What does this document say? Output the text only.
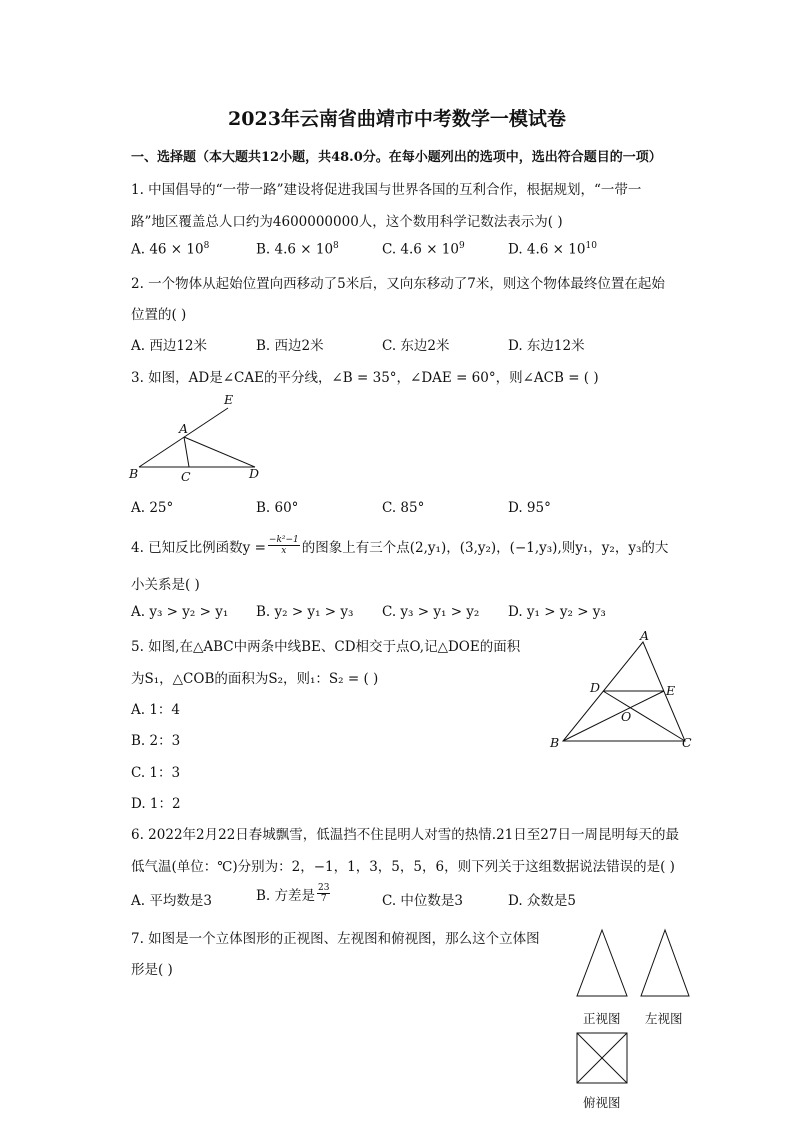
2023年云南省曲靖市中考数学一模试卷
一、选择题（本大题共12小题，共48.0分。在每小题列出的选项中，选出符合题目的一项）
1. 中国倡导的“一带一路”建设将促进我国与世界各国的互利合作，根据规划，“一带一
路”地区覆盖总人口约为4600000000人，这个数用科学记数法表示为( )
A. $46 \times 10^8$	B. $4.6 \times 10^8$	C. $4.6 \times 10^9$	D. $4.6 \times 10^{10}$
2. 一个物体从起始位置向西移动了5米后，又向东移动了7米，则这个物体最终位置在起始
位置的( )
A. 西边12米	B. 西边2米	C. 东边2米	D. 东边12米
3. 如图，AD是∠CAE的平分线，∠B = 35°，∠DAE = 60°，则∠ACB = ( )
E
A
B	C	D
A. 25°	B. 60°	C. 85°	D. 95°
4. 已知反比例函数$y = \frac{\text{−k²−1}}{x}$ 的图象上有三个点(2,y₁)，(3,y₂)，(−1,y₃),则y₁，y₂，y₃的大
小关系是( )
A. y₃ > y₂ > y₁ B. y₂ > y₁ > y₃ C. y₃ > y₁ > y₂ D. y₁ > y₂ > y₃
5. 如图,在△ABC中两条中线BE、CD相交于点O,记△DOE的面积
为S₁，△COB的面积为S₂，则₁：S₂ = ( )
A. 1：4
B. 2：3
C. 1：3
D. 1：2
A
D	E
O
B	C
6. 2022年2月22日春城飘雪，低温挡不住昆明人对雪的热情.21日至27日一周昆明每天的最
低气温(单位：℃)分别为：2，−1，1，3，5，5，6，则下列关于这组数据说法错误的是( )
A. 平均数是3	B. 方差是 23
7	C. 中位数是3	D. 众数是5
7. 如图是一个立体图形的正视图、左视图和俯视图，那么这个立体图
形是( )
正视图 左视图
俯视图
